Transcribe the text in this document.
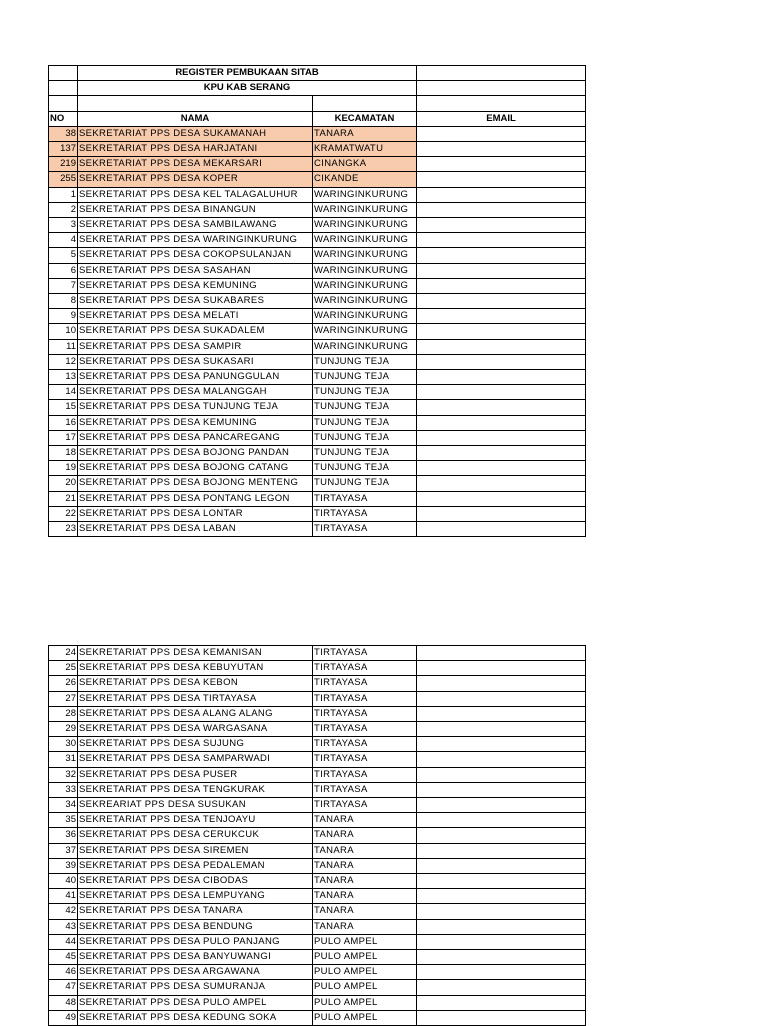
	REGISTER PEMBUKAAN SITAB		
	KPU KAB SERANG		

NO	NAMA	KECAMATAN	EMAIL
38	SEKRETARIAT PPS DESA SUKAMANAH	TANARA	
137	SEKRETARIAT PPS DESA HARJATANI	KRAMATWATU	
219	SEKRETARIAT PPS DESA MEKARSARI	CINANGKA	
255	SEKRETARIAT PPS DESA KOPER	CIKANDE	
1	SEKRETARIAT PPS DESA KEL TALAGALUHUR	WARINGINKURUNG	
2	SEKRETARIAT PPS DESA BINANGUN	WARINGINKURUNG	
3	SEKRETARIAT PPS DESA SAMBILAWANG	WARINGINKURUNG	
4	SEKRETARIAT PPS DESA WARINGINKURUNG	WARINGINKURUNG	
5	SEKRETARIAT PPS DESA COKOPSULANJAN	WARINGINKURUNG	
6	SEKRETARIAT PPS DESA SASAHAN	WARINGINKURUNG	
7	SEKRETARIAT PPS DESA KEMUNING	WARINGINKURUNG	
8	SEKRETARIAT PPS DESA SUKABARES	WARINGINKURUNG	
9	SEKRETARIAT PPS DESA MELATI	WARINGINKURUNG	
10	SEKRETARIAT PPS DESA SUKADALEM	WARINGINKURUNG	
11	SEKRETARIAT PPS DESA SAMPIR	WARINGINKURUNG	
12	SEKRETARIAT PPS DESA SUKASARI	TUNJUNG TEJA	
13	SEKRETARIAT PPS DESA PANUNGGULAN	TUNJUNG TEJA	
14	SEKRETARIAT PPS DESA MALANGGAH	TUNJUNG TEJA	
15	SEKRETARIAT PPS DESA TUNJUNG TEJA	TUNJUNG TEJA	
16	SEKRETARIAT PPS DESA KEMUNING	TUNJUNG TEJA	
17	SEKRETARIAT PPS DESA PANCAREGANG	TUNJUNG TEJA	
18	SEKRETARIAT PPS DESA BOJONG PANDAN	TUNJUNG TEJA	
19	SEKRETARIAT PPS DESA BOJONG CATANG	TUNJUNG TEJA	
20	SEKRETARIAT PPS DESA BOJONG MENTENG	TUNJUNG TEJA	
21	SEKRETARIAT PPS DESA PONTANG LEGON	TIRTAYASA	
22	SEKRETARIAT PPS DESA LONTAR	TIRTAYASA	
23	SEKRETARIAT PPS DESA LABAN	TIRTAYASA	
24	SEKRETARIAT PPS DESA KEMANISAN	TIRTAYASA	
25	SEKRETARIAT PPS DESA KEBUYUTAN	TIRTAYASA	
26	SEKRETARIAT PPS DESA KEBON	TIRTAYASA	
27	SEKRETARIAT PPS DESA TIRTAYASA	TIRTAYASA	
28	SEKRETARIAT PPS DESA ALANG ALANG	TIRTAYASA	
29	SEKRETARIAT PPS DESA WARGASANA	TIRTAYASA	
30	SEKRETARIAT PPS DESA SUJUNG	TIRTAYASA	
31	SEKRETARIAT PPS DESA SAMPARWADI	TIRTAYASA	
32	SEKRETARIAT PPS DESA PUSER	TIRTAYASA	
33	SEKRETARIAT PPS DESA TENGKURAK	TIRTAYASA	
34	SEKREARIAT PPS DESA SUSUKAN	TIRTAYASA	
35	SEKRETARIAT PPS DESA TENJOAYU	TANARA	
36	SEKRETARIAT PPS DESA CERUKCUK	TANARA	
37	SEKRETARIAT PPS DESA SIREMEN	TANARA	
39	SEKRETARIAT PPS DESA PEDALEMAN	TANARA	
40	SEKRETARIAT PPS DESA CIBODAS	TANARA	
41	SEKRETARIAT PPS DESA LEMPUYANG	TANARA	
42	SEKRETARIAT PPS DESA TANARA	TANARA	
43	SEKRETARIAT PPS DESA BENDUNG	TANARA	
44	SEKRETARIAT PPS DESA PULO PANJANG	PULO AMPEL	
45	SEKRETARIAT PPS DESA BANYUWANGI	PULO AMPEL	
46	SEKRETARIAT PPS DESA ARGAWANA	PULO AMPEL	
47	SEKRETARIAT PPS DESA SUMURANJA	PULO AMPEL	
48	SEKRETARIAT PPS DESA PULO AMPEL	PULO AMPEL	
49	SEKRETARIAT PPS DESA KEDUNG SOKA	PULO AMPEL	
